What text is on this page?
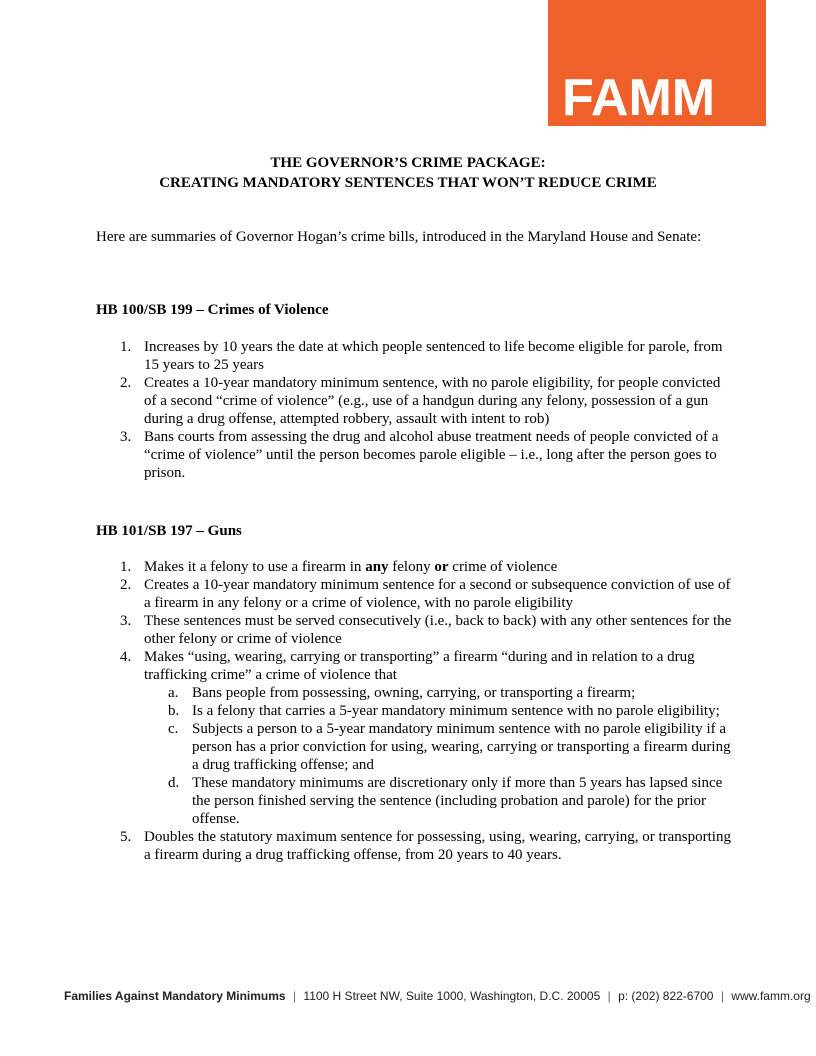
FAMM
THE GOVERNOR’S CRIME PACKAGE:
CREATING MANDATORY SENTENCES THAT WON’T REDUCE CRIME
Here are summaries of Governor Hogan’s crime bills, introduced in the Maryland House and Senate:
HB 100/SB 199 – Crimes of Violence
1. Increases by 10 years the date at which people sentenced to life become eligible for parole, from 15 years to 25 years
2. Creates a 10-year mandatory minimum sentence, with no parole eligibility, for people convicted of a second “crime of violence” (e.g., use of a handgun during any felony, possession of a gun during a drug offense, attempted robbery, assault with intent to rob)
3. Bans courts from assessing the drug and alcohol abuse treatment needs of people convicted of a “crime of violence” until the person becomes parole eligible – i.e., long after the person goes to prison.
HB 101/SB 197 – Guns
1. Makes it a felony to use a firearm in any felony or crime of violence
2. Creates a 10-year mandatory minimum sentence for a second or subsequence conviction of use of a firearm in any felony or a crime of violence, with no parole eligibility
3. These sentences must be served consecutively (i.e., back to back) with any other sentences for the other felony or crime of violence
4. Makes “using, wearing, carrying or transporting” a firearm “during and in relation to a drug trafficking crime” a crime of violence that
a. Bans people from possessing, owning, carrying, or transporting a firearm;
b. Is a felony that carries a 5-year mandatory minimum sentence with no parole eligibility;
c. Subjects a person to a 5-year mandatory minimum sentence with no parole eligibility if a person has a prior conviction for using, wearing, carrying or transporting a firearm during a drug trafficking offense; and
d. These mandatory minimums are discretionary only if more than 5 years has lapsed since the person finished serving the sentence (including probation and parole) for the prior offense.
5. Doubles the statutory maximum sentence for possessing, using, wearing, carrying, or transporting a firearm during a drug trafficking offense, from 20 years to 40 years.
Families Against Mandatory Minimums | 1100 H Street NW, Suite 1000, Washington, D.C. 20005 | p: (202) 822-6700 | www.famm.org
